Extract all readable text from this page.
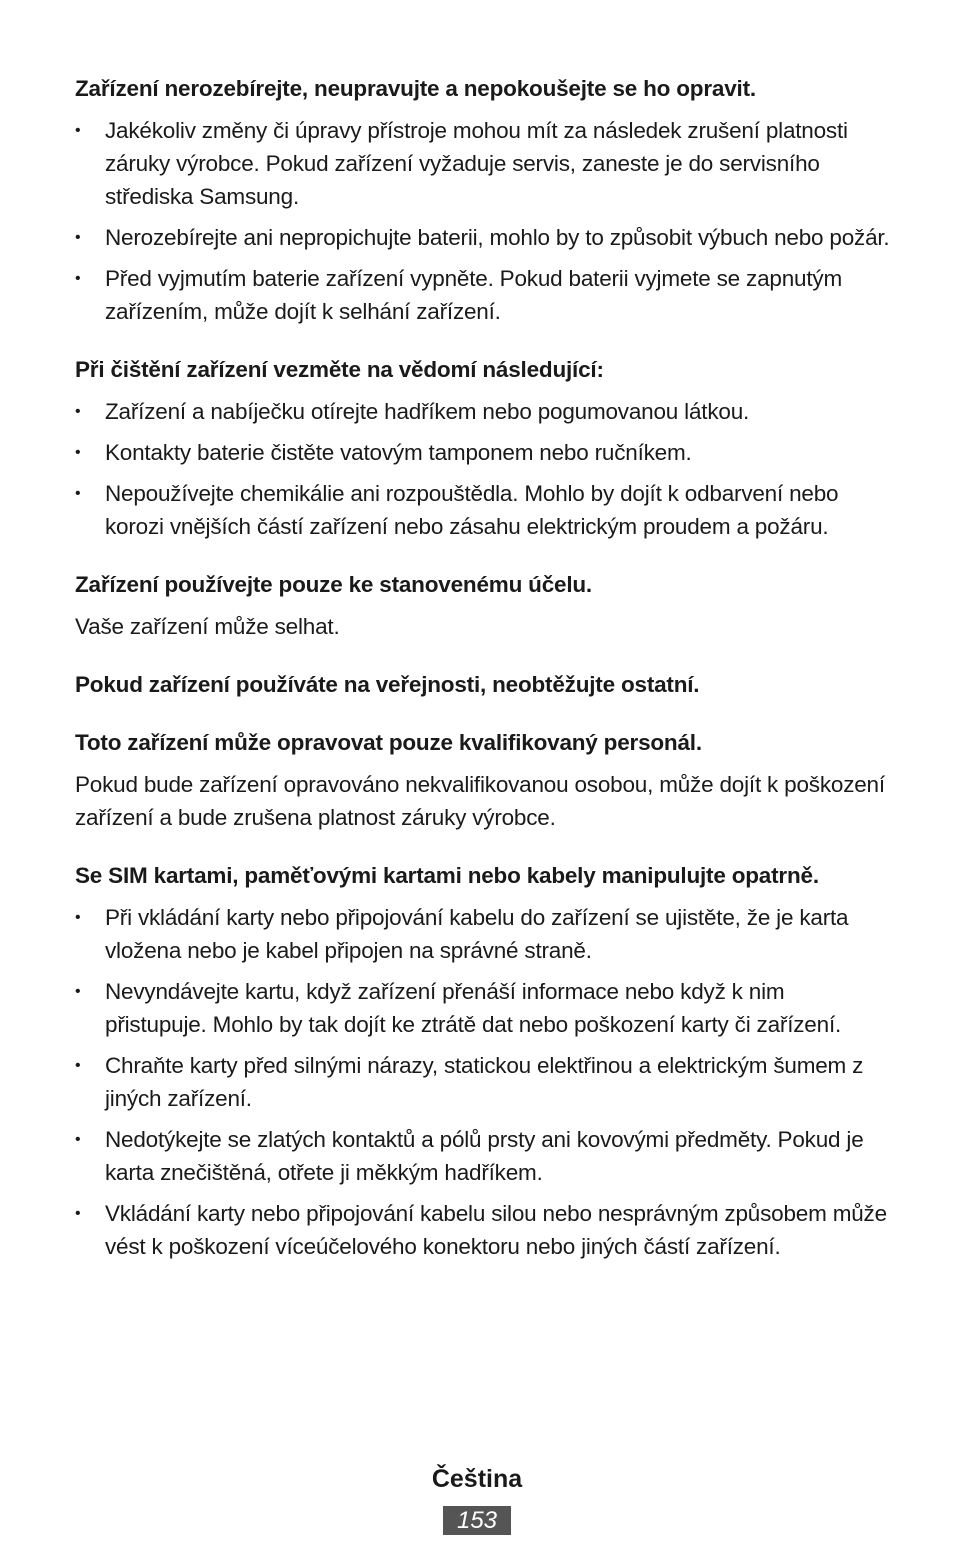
Zařízení nerozebírejte, neupravujte a nepokoušejte se ho opravit.

• Jakékoliv změny či úpravy přístroje mohou mít za následek zrušení platnosti záruky výrobce. Pokud zařízení vyžaduje servis, zaneste je do servisního střediska Samsung.
• Nerozebírejte ani nepropichujte baterii, mohlo by to způsobit výbuch nebo požár.
• Před vyjmutím baterie zařízení vypněte. Pokud baterii vyjmete se zapnutým zařízením, může dojít k selhání zařízení.

Při čištění zařízení vezměte na vědomí následující:

• Zařízení a nabíječku otírejte hadříkem nebo pogumovanou látkou.
• Kontakty baterie čistěte vatovým tamponem nebo ručníkem.
• Nepoužívejte chemikálie ani rozpouštědla. Mohlo by dojít k odbarvení nebo korozi vnějších částí zařízení nebo zásahu elektrickým proudem a požáru.

Zařízení používejte pouze ke stanovenému účelu.

Vaše zařízení může selhat.

Pokud zařízení používáte na veřejnosti, neobtěžujte ostatní.

Toto zařízení může opravovat pouze kvalifikovaný personál.

Pokud bude zařízení opravováno nekvalifikovanou osobou, může dojít k poškození zařízení a bude zrušena platnost záruky výrobce.

Se SIM kartami, paměťovými kartami nebo kabely manipulujte opatrně.

• Při vkládání karty nebo připojování kabelu do zařízení se ujistěte, že je karta vložena nebo je kabel připojen na správné straně.
• Nevyndávejte kartu, když zařízení přenáší informace nebo když k nim přistupuje. Mohlo by tak dojít ke ztrátě dat nebo poškození karty či zařízení.
• Chraňte karty před silnými nárazy, statickou elektřinou a elektrickým šumem z jiných zařízení.
• Nedotýkejte se zlatých kontaktů a pólů prsty ani kovovými předměty. Pokud je karta znečištěná, otřete ji měkkým hadříkem.
• Vkládání karty nebo připojování kabelu silou nebo nesprávným způsobem může vést k poškození víceúčelového konektoru nebo jiných částí zařízení.
Čeština
153
